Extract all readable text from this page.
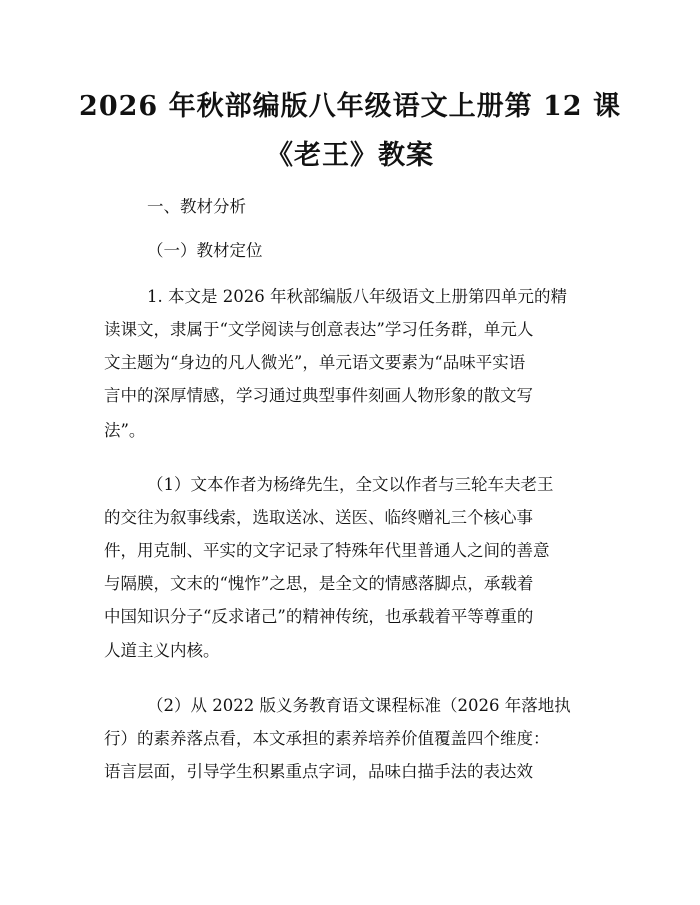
2026 年秋部编版八年级语文上册第 12 课
《老王》教案
一、教材分析
（一）教材定位
1. 本文是 2026 年秋部编版八年级语文上册第四单元的精
读课文，隶属于“文学阅读与创意表达”学习任务群，单元人
文主题为“身边的凡人微光”，单元语文要素为“品味平实语
言中的深厚情感，学习通过典型事件刻画人物形象的散文写
法”。
（1）文本作者为杨绛先生，全文以作者与三轮车夫老王
的交往为叙事线索，选取送冰、送医、临终赠礼三个核心事
件，用克制、平实的文字记录了特殊年代里普通人之间的善意
与隔膜，文末的“愧怍”之思，是全文的情感落脚点，承载着
中国知识分子“反求诸己”的精神传统，也承载着平等尊重的
人道主义内核。
（2）从 2022 版义务教育语文课程标准（2026 年落地执
行）的素养落点看，本文承担的素养培养价值覆盖四个维度：
语言层面，引导学生积累重点字词，品味白描手法的表达效
